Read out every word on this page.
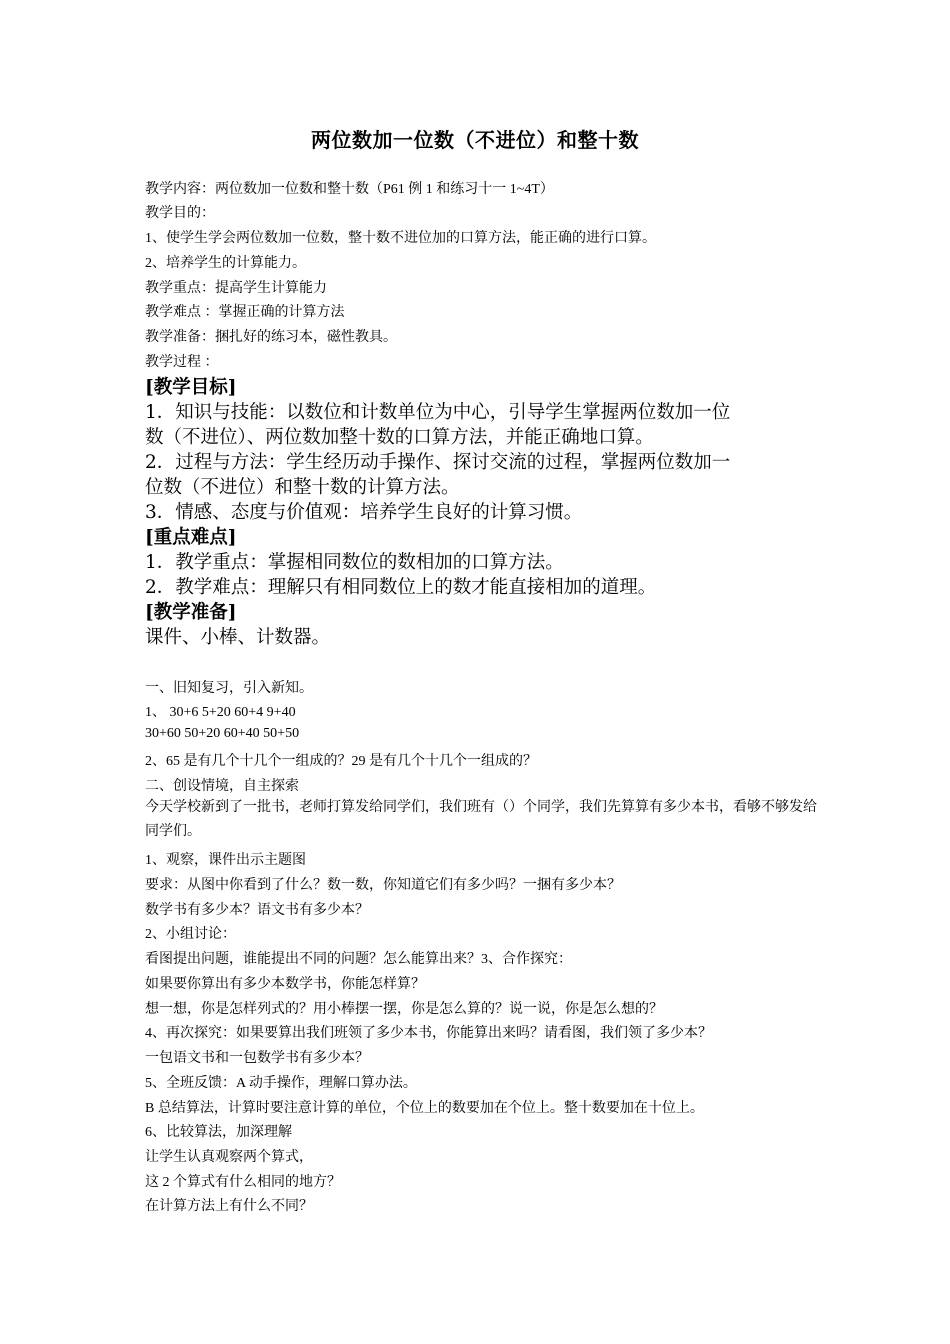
两位数加一位数（不进位）和整十数
教学内容：两位数加一位数和整十数（P61 例 1 和练习十一 1~4T）
教学目的：
1、使学生学会两位数加一位数，整十数不进位加的口算方法，能正确的进行口算。
2、培养学生的计算能力。
教学重点：提高学生计算能力
教学难点 ：掌握正确的计算方法
教学准备：捆扎好的练习本，磁性教具。
教学过程 ：
[教学目标]
1．知识与技能：以数位和计数单位为中心，引导学生掌握两位数加一位
数（不进位）、两位数加整十数的口算方法，并能正确地口算。
2．过程与方法：学生经历动手操作、探讨交流的过程，掌握两位数加一
位数（不进位）和整十数的计算方法。
3．情感、态度与价值观：培养学生良好的计算习惯。
[重点难点]
1．教学重点：掌握相同数位的数相加的口算方法。
2．教学难点：理解只有相同数位上的数才能直接相加的道理。
[教学准备]
课件、小棒、计数器。
一、旧知复习，引入新知。
1、 30+6 5+20 60+4 9+40
30+60 50+20 60+40 50+50
2、65 是有几个十几个一组成的？29 是有几个十几个一组成的？
二、创设情境，自主探索
今天学校新到了一批书，老师打算发给同学们，我们班有（）个同学，我们先算算有多少本书，看够不够发给同学们。
1、观察，课件出示主题图
要求：从图中你看到了什么？数一数，你知道它们有多少吗？一捆有多少本？
数学书有多少本？语文书有多少本？
2、小组讨论：
看图提出问题，谁能提出不同的问题？怎么能算出来？3、合作探究：
如果要你算出有多少本数学书，你能怎样算？
想一想，你是怎样列式的？用小棒摆一摆，你是怎么算的？说一说，你是怎么想的？
4、再次探究：如果要算出我们班领了多少本书，你能算出来吗？请看图，我们领了多少本？
一包语文书和一包数学书有多少本？
5、全班反馈：A 动手操作，理解口算办法。
B 总结算法，计算时要注意计算的单位，个位上的数要加在个位上。整十数要加在十位上。
6、比较算法，加深理解
让学生认真观察两个算式，
这 2 个算式有什么相同的地方？
在计算方法上有什么不同？
